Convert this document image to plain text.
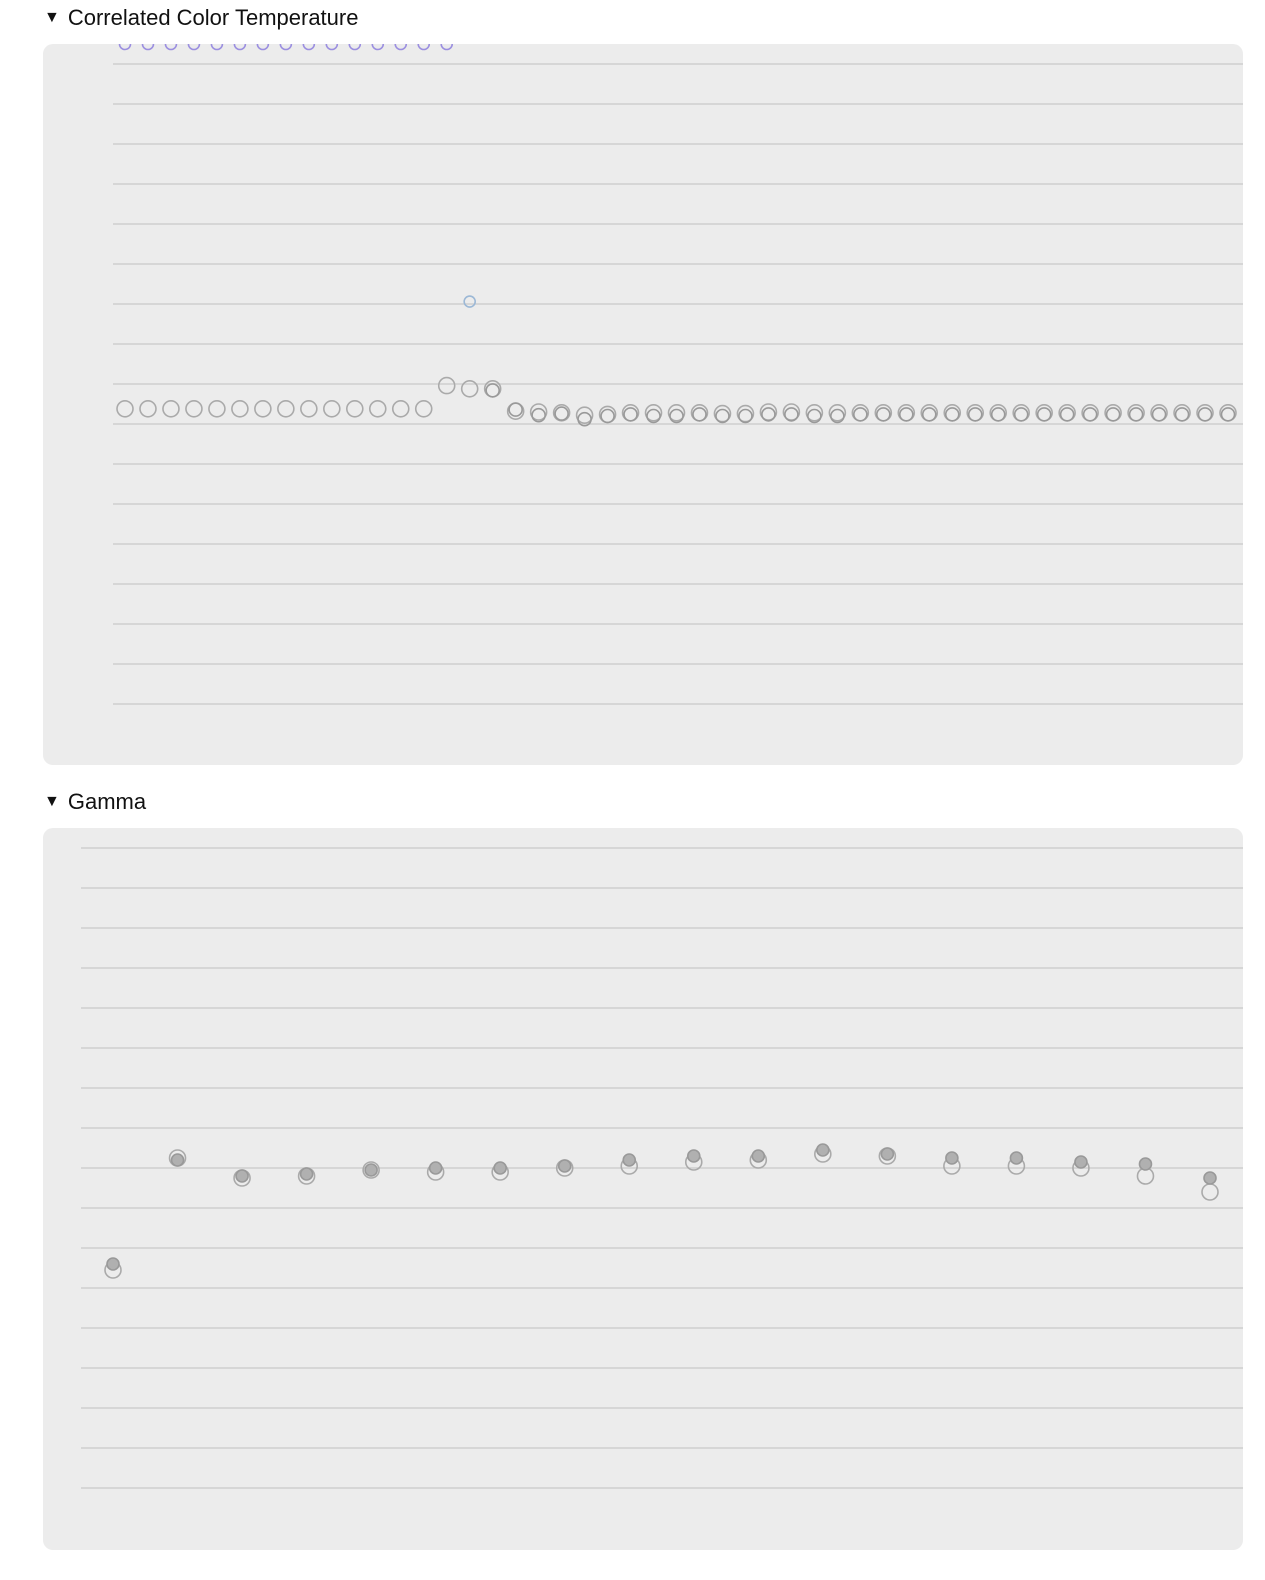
▼ Correlated Color Temperature
▼ Gamma
